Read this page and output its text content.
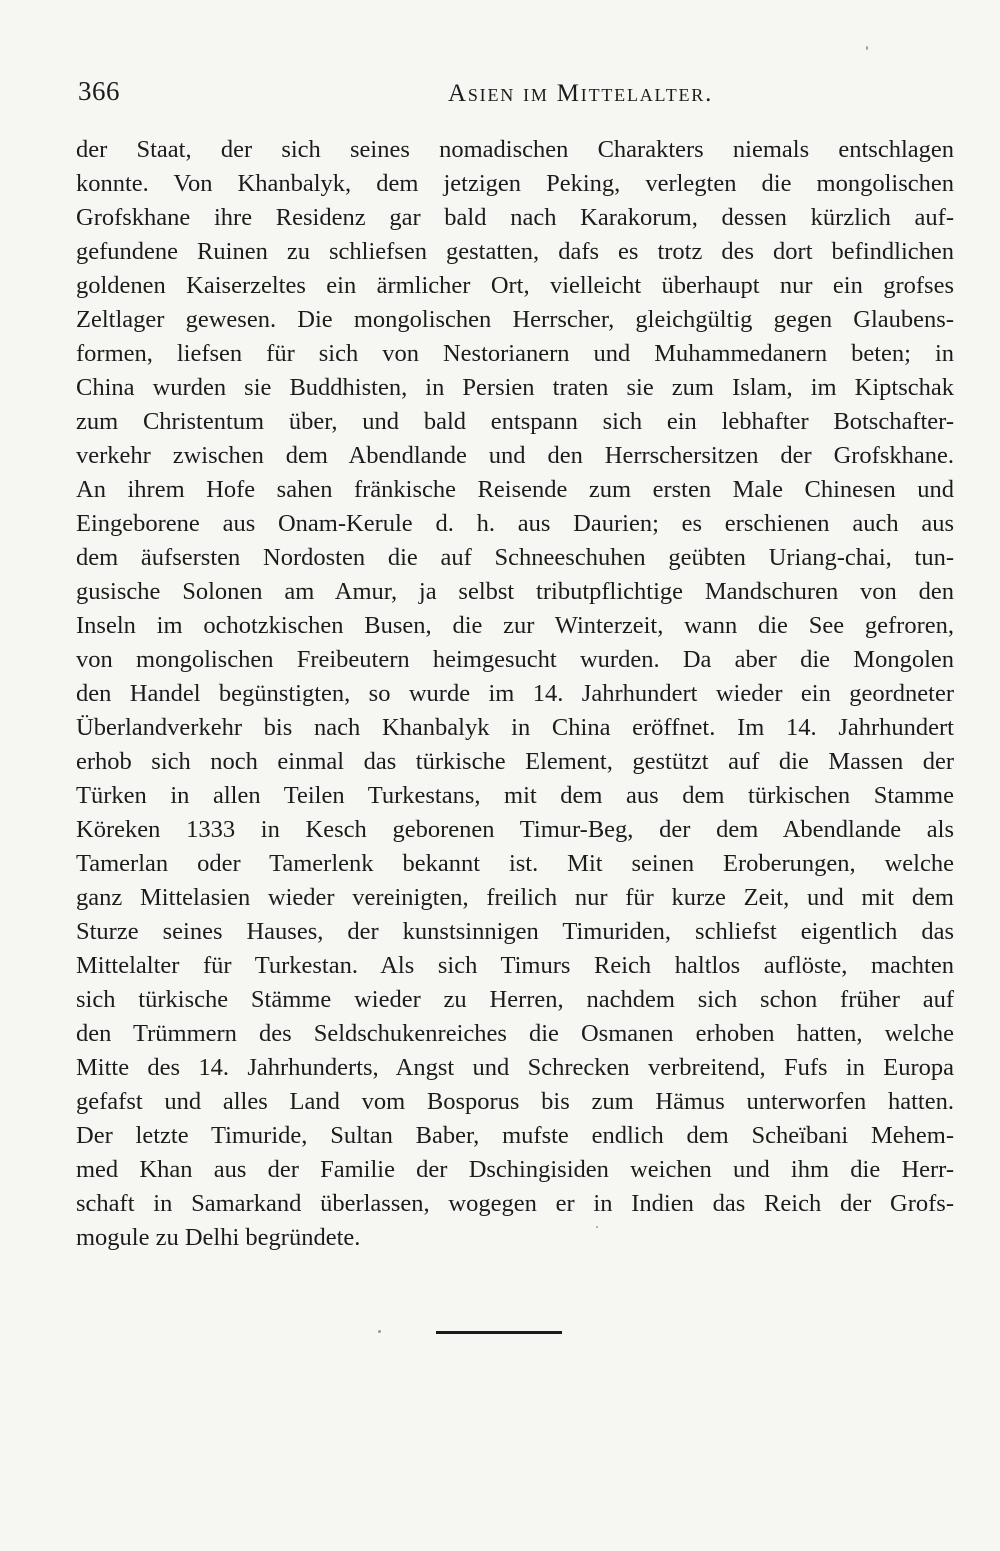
366	Asien im Mittelalter.
der Staat, der sich seines nomadischen Charakters niemals entschlagen
konnte. Von Khanbalyk, dem jetzigen Peking, verlegten die mongolischen
Grofskhane ihre Residenz gar bald nach Karakorum, dessen kürzlich auf-
gefundene Ruinen zu schliefsen gestatten, dafs es trotz des dort befindlichen
goldenen Kaiserzeltes ein ärmlicher Ort, vielleicht überhaupt nur ein grofses
Zeltlager gewesen. Die mongolischen Herrscher, gleichgültig gegen Glaubens-
formen, liefsen für sich von Nestorianern und Muhammedanern beten; in
China wurden sie Buddhisten, in Persien traten sie zum Islam, im Kiptschak
zum Christentum über, und bald entspann sich ein lebhafter Botschafter-
verkehr zwischen dem Abendlande und den Herrschersitzen der Grofskhane.
An ihrem Hofe sahen fränkische Reisende zum ersten Male Chinesen und
Eingeborene aus Onam-Kerule d. h. aus Daurien; es erschienen auch aus
dem äufsersten Nordosten die auf Schneeschuhen geübten Uriang-chai, tun-
gusische Solonen am Amur, ja selbst tributpflichtige Mandschuren von den
Inseln im ochotzkischen Busen, die zur Winterzeit, wann die See gefroren,
von mongolischen Freibeutern heimgesucht wurden. Da aber die Mongolen
den Handel begünstigten, so wurde im 14. Jahrhundert wieder ein geordneter
Überlandverkehr bis nach Khanbalyk in China eröffnet. Im 14. Jahrhundert
erhob sich noch einmal das türkische Element, gestützt auf die Massen der
Türken in allen Teilen Turkestans, mit dem aus dem türkischen Stamme
Köreken 1333 in Kesch geborenen Timur-Beg, der dem Abendlande als
Tamerlan oder Tamerlenk bekannt ist. Mit seinen Eroberungen, welche
ganz Mittelasien wieder vereinigten, freilich nur für kurze Zeit, und mit dem
Sturze seines Hauses, der kunstsinnigen Timuriden, schliefst eigentlich das
Mittelalter für Turkestan. Als sich Timurs Reich haltlos auflöste, machten
sich türkische Stämme wieder zu Herren, nachdem sich schon früher auf
den Trümmern des Seldschukenreiches die Osmanen erhoben hatten, welche
Mitte des 14. Jahrhunderts, Angst und Schrecken verbreitend, Fufs in Europa
gefafst und alles Land vom Bosporus bis zum Hämus unterworfen hatten.
Der letzte Timuride, Sultan Baber, mufste endlich dem Scheïbani Mehem-
med Khan aus der Familie der Dschingisiden weichen und ihm die Herr-
schaft in Samarkand überlassen, wogegen er in Indien das Reich der Grofs-
mogule zu Delhi begründete.
